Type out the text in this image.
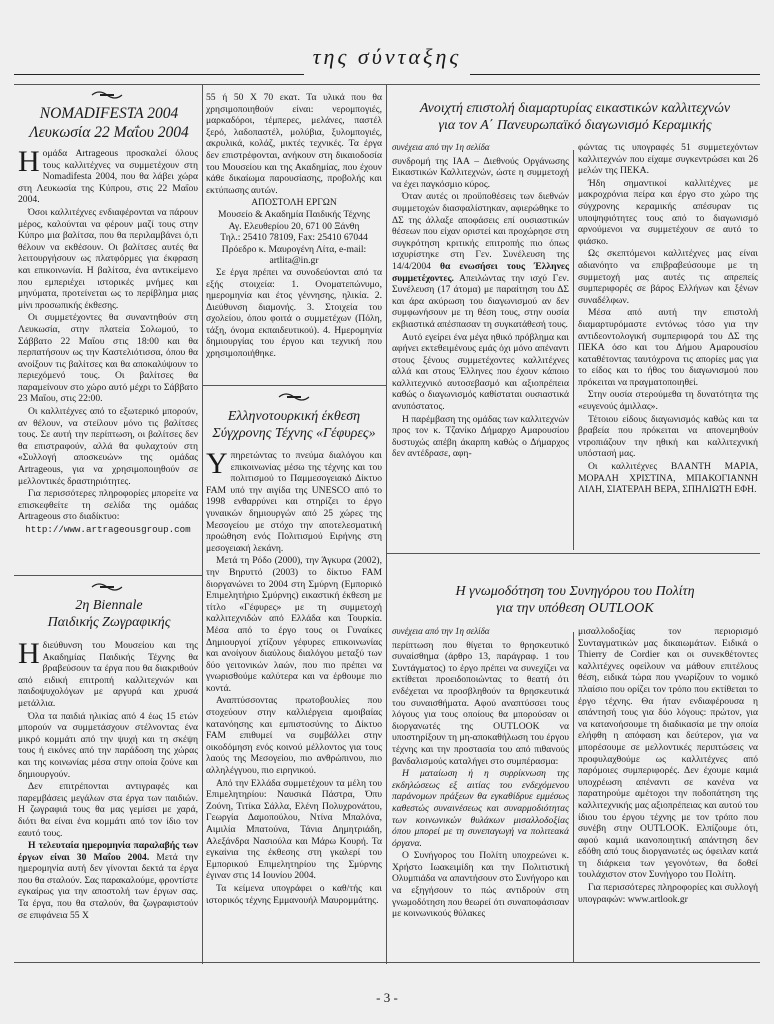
της σύνταξης
NOMADIFESTA 2004
Λευκωσία 22 Μαΐου 2004

Ηομάδα Artrageous προσκαλεί όλους τους καλλιτέχνες να συμμετέχουν στη Nomadifesta 2004, που θα λάβει χώρα στη Λευκωσία της Κύπρου, στις 22 Μαΐου 2004.

Όσοι καλλιτέχνες ενδιαφέρονται να πάρουν μέρος, καλούνται να φέρουν μαζί τους στην Κύπρο μια βαλίτσα, που θα περιλαμβάνει ό,τι θέλουν να εκθέσουν. Οι βαλίτσες αυτές θα λειτουργήσουν ως πλατφόρμες για έκφραση και επικοινωνία. Η βαλίτσα, ένα αντικείμενο που εμπεριέχει ιστορικές μνήμες και μηνύματα, προτείνεται ως το περίβλημα μιας μίνι προσωπικής έκθεσης.

Οι συμμετέχοντες θα συναντηθούν στη Λευκωσία, στην πλατεία Σολωμού, το Σάββατο 22 Μαΐου στις 18:00 και θα περπατήσουν ως την Καστελιότισσα, όπου θα ανοίξουν τις βαλίτσες και θα αποκαλύψουν το περιεχόμενό τους. Οι βαλίτσες θα παραμείνουν στο χώρο αυτό μέχρι το Σάββατο 23 Μαΐου, στις 22:00.

Οι καλλιτέχνες από το εξωτερικό μπορούν, αν θέλουν, να στείλουν μόνο τις βαλίτσες τους. Σε αυτή την περίπτωση, οι βαλίτσες δεν θα επιστραφούν, αλλά θα φυλαχτούν στη «Συλλογή αποσκευών» της ομάδας Artrageous, για να χρησιμοποιηθούν σε μελλοντικές δραστηριότητες.

Για περισσότερες πληροφορίες μπορείτε να επισκεφθείτε τη σελίδα της ομάδας Artrageous στο διαδίκτυο:

http://www.artrageousgroup.com

2η Biennale
Παιδικής Ζωγραφικής

Ηδιεύθυνση του Μουσείου και της Ακαδημίας Παιδικής Τέχνης θα βραβεύσουν τα έργα που θα διακριθούν από ειδική επιτροπή καλλιτεχνών και παιδοψυχολόγων με αργυρά και χρυσά μετάλλια.

Όλα τα παιδιά ηλικίας από 4 έως 15 ετών μπορούν να συμμετάσχουν στέλνοντας ένα μικρό κομμάτι από την ψυχή και τη σκέψη τους ή εικόνες από την παράδοση της χώρας και της κοινωνίας μέσα στην οποία ζούνε και δημιουργούν.

Δεν επιτρέπονται αντιγραφές και παρεμβάσεις μεγάλων στα έργα των παιδιών. Η ζωγραφιά τους θα μας γεμίσει με χαρά, διότι θα είναι ένα κομμάτι από τον ίδιο τον εαυτό τους.

Η τελευταία ημερομηνία παραλαβής των έργων είναι 30 Μαΐου 2004. Μετά την ημερομηνία αυτή δεν γίνονται δεκτά τα έργα που θα σταλούν. Σας παρακαλούμε, φροντίστε εγκαίρως για την αποστολή των έργων σας. Τα έργα, που θα σταλούν, θα ζωγραφιστούν σε επιφάνεια 55 Χ

55 ή 50 Χ 70 εκατ. Τα υλικά που θα χρησιμοποιηθούν είναι: νερομπογιές, μαρκαδόροι, τέμπερες, μελάνες, παστέλ ξερό, λαδοπαστέλ, μολύβια, ξυλομπογιές, ακρυλικά, κολάζ, μικτές τεχνικές. Τα έργα δεν επιστρέφονται, ανήκουν στη δικαιοδοσία του Μουσείου και της Ακαδημίας, που έχουν κάθε δικαίωμα παρουσίασης, προβολής και εκτύπωσης αυτών.

ΑΠΟΣΤΟΛΗ ΕΡΓΩΝ
Μουσείο & Ακαδημία Παιδικής Τέχνης
Αγ. Ελευθερίου 20, 671 00 Ξάνθη
Τηλ.: 25410 78109, Fax: 25410 67044
Πρόεδρο κ. Μαυρογένη Λίτα, e-mail: artlita@in.gr

Σε έργα πρέπει να συνοδεύονται από τα εξής στοιχεία: 1. Ονοματεπώνυμο, ημερομηνία και έτος γέννησης, ηλικία. 2. Διεύθυνση διαμονής. 3. Στοιχεία του σχολείου, όπου φοιτά ο συμμετέχων (Πόλη, τάξη, όνομα εκπαιδευτικού). 4. Ημερομηνία δημιουργίας του έργου και τεχνική που χρησιμοποιήθηκε.

Ελληνοτουρκική έκθεση
Σύγχρονης Τέχνης «Γέφυρες»

Υπηρετώντας το πνεύμα διαλόγου και επικοινωνίας μέσω της τέχνης και του πολιτισμού το Παμμεσογειακό Δίκτυο FAM υπό την αιγίδα της UNESCO από το 1998 ενθαρρύνει και στηρίζει το έργο γυναικών δημιουργών από 25 χώρες της Μεσογείου με στόχο την αποτελεσματική προώθηση ενός Πολιτισμού Ειρήνης στη μεσογειακή λεκάνη.

Μετά τη Ρόδο (2000), την Άγκυρα (2002), την Βηρυττό (2003) το δίκτυο FAM διοργανώνει το 2004 στη Σμύρνη (Εμπορικό Επιμελητήριο Σμύρνης) εικαστική έκθεση με τίτλο «Γέφυρες» με τη συμμετοχή καλλιτεχνιδών από Ελλάδα και Τουρκία. Μέσα από το έργο τους οι Γυναίκες Δημιουργοί χτίζουν γέφυρες επικοινωνίας και ανοίγουν διαύλους διαλόγου μεταξύ των δύο γειτονικών λαών, που πιο πρέπει να γνωρισθούμε καλύτερα και να έρθουμε πιο κοντά.

Αναπτύσσοντας πρωτοβουλίες που στοχεύουν στην καλλιέργεια αμοιβαίας κατανόησης και εμπιστοσύνης το Δίκτυο FAM επιθυμεί να συμβάλλει στην οικοδόμηση ενός κοινού μέλλοντος για τους λαούς της Μεσογείου, πιο ανθρώπινου, πιο αλληλέγγυου, πιο ειρηνικού.

Από την Ελλάδα συμμετέχουν τα μέλη του Επιμελητηρίου: Ναυσικά Πάστρα, Όπυ Ζούνη, Τιτίκα Σάλλα, Ελένη Πολυχρονάτου, Γεωργία Δαμοπούλου, Ντίνα Μπαλόνα, Αιμιλία Μπατούνα, Τάνια Δημητριάδη, Αλεξάνδρα Νασιούλα και Μάρω Κουρή. Τα εγκαίνια της έκθεσης στη γκαλερί του Εμπορικού Επιμελητηρίου της Σμύρνης έγιναν στις 14 Ιουνίου 2004.

Τα κείμενα υπογράφει ο καθ/τής και ιστορικός τέχνης Εμμανουήλ Μαυρομμάτης.

Ανοιχτή επιστολή διαμαρτυρίας εικαστικών καλλιτεχνών
για τον Α΄ Πανευρωπαϊκό διαγωνισμό Κεραμικής

συνέχεια από την 1η σελίδα

συνδρομή της ΙΑΑ – Διεθνούς Οργάνωσης Εικαστικών Καλλιτεχνών, ώστε η συμμετοχή να έχει παγκόσμιο κύρος.

Όταν αυτές οι προϋποθέσεις των διεθνών συμμετοχών διασφαλίστηκαν, αφιερώθηκε το ΔΣ της άλλαξε αποφάσεις επί ουσιαστικών θέσεων που είχαν οριστεί και προχώρησε στη συγκρότηση κριτικής επιτροπής πιο όπως ισχυρίστηκε στη Γεν. Συνέλευση της 14/4/2004 θα ενωσήσει τους Έλληνες συμμετέχοντες. Απειλώντας την ισχύ Γεν. Συνέλευση (17 άτομα) με παραίτηση του ΔΣ και άρα ακύρωση του διαγωνισμού αν δεν συμφωνήσουν με τη θέση τους, στην ουσία εκβιαστικά απέσπασαν τη συγκατάθεσή τους.

Αυτό εγείρει ένα μέγα ηθικό πρόβλημα και αφήνει εκτεθειμένους εμάς όχι μόνο απέναντι στους ξένους συμμετέχοντες καλλιτέχνες αλλά και στους Έλληνες που έχουν κάποιο καλλιτεχνικό αυτοσεβασμό και αξιοπρέπεια καθώς ο διαγωνισμός καθίσταται ουσιαστικά ανυπόστατος.

Η παρέμβαση της ομάδας των καλλιτεχνών προς τον κ. Τζανίκο Δήμαρχο Αμαρουσίου δυστυχώς απέβη άκαρπη καθώς ο Δήμαρχος δεν αντέδρασε, αφη-

φώντας τις υπογραφές 51 συμμετεχόντων καλλιτεχνών που είχαμε συγκεντρώσει και 26 μελών της ΠΕΚΑ.

Ήδη σημαντικοί καλλιτέχνες με μακροχρόνια πείρα και έργο στο χώρο της σύγχρονης κεραμικής απέσυραν τις υποψηφιότητες τους από το διαγωνισμό αρνούμενοι να συμμετέχουν σε αυτό το φιάσκο.

Ως σκεπτόμενοι καλλιτέχνες μας είναι αδιανόητο να επιβραβεύσουμε με τη συμμετοχή μας αυτές τις απρεπείς συμπεριφορές σε βάρος Ελλήνων και ξένων συναδέλφων.

Μέσα από αυτή την επιστολή διαμαρτυρόμαστε εντόνως τόσο για την αντιδεοντολογική συμπεριφορά του ΔΣ της ΠΕΚΑ όσο και του Δήμου Αμαρουσίου καταθέτοντας ταυτόχρονα τις απορίες μας για το είδος και το ήθος του διαγωνισμού που πρόκειται να πραγματοποιηθεί.

Στην ουσία στερούμεθα τη δυνατότητα της «ευγενούς άμιλλας».

Τέτοιου είδους διαγωνισμός καθώς και τα βραβεία που πρόκειται να απονεμηθούν ντροπιάζουν την ηθική και καλλιτεχνική υπόστασή μας.

Οι καλλιτέχνες ΒΛΑΝΤΗ ΜΑΡΙΑ, ΜΟΡΑΛΗ ΧΡΙΣΤΙΝΑ, ΜΠΑΚΟΓΙΑΝΝΗ ΛΙΛΗ, ΣΙΑΤΕΡΛΗ ΒΕΡΑ, ΣΠΗΛΙΩΤΗ ΕΦΗ.

Η γνωμοδότηση του Συνηγόρου του Πολίτη
για την υπόθεση OUTLOOK

συνέχεια από την 1η σελίδα

περίπτωση που θίγεται το θρησκευτικό συναίσθημα (άρθρο 13, παράγραφ. 1 του Συντάγματος) το έργο πρέπει να συνεχίζει να εκτίθεται προειδοποιώντας το θεατή ότι ενδέχεται να προσβληθούν τα θρησκευτικά του συναισθήματα. Αφού αναπτύσσει τους λόγους για τους οποίους θα μπορούσαν οι διοργανωτές της OUTLOOK να υποστηρίξουν τη μη-αποκαθήλωση του έργου τέχνης και την προστασία του από πιθανούς βανδαλισμούς καταλήγει στο συμπέρασμα:

Η ματαίωση ή η συρρίκνωση της εκδηλώσεως εξ αιτίας του ενδεχόμενου παράνομων πράξεων θα εγκαθίδρυε εμμέσως καθεστώς συναινέσεως και συναρμοδιότητας των κοινωνικών θυλάκων μισαλλοδοξίας όπου μπορεί με τη συνεπαγωγή να πολιτεακά όργανα.

Ο Συνήγορος του Πολίτη υποχρεώνει κ. Χρήστο Ιωακειμίδη και την Πολιτιστική Ολυμπιάδα να απαντήσουν στο Συνήγορο και να εξηγήσουν το πώς αντιδρούν στη γνωμοδότηση που θεωρεί ότι συναποφάσισαν με κοινωνικούς θύλακες

μισαλλοδοξίας τον περιορισμό Συνταγματικών μας δικαιωμάτων. Ειδικά ο Thierry de Cordier και οι συνεκθέτοντες καλλιτέχνες οφείλουν να μάθουν επιτέλους θέση, ειδικά τώρα που γνωρίζουν το νομικό πλαίσιο που ορίζει τον τρόπο που εκτίθεται το έργο τέχνης. Θα ήταν ενδιαφέρουσα η απάντησή τους για δύο λόγους: πρώτον, για να κατανοήσουμε τη διαδικασία με την οποία ελήφθη η απόφαση και δεύτερον, για να μπορέσουμε σε μελλοντικές περιπτώσεις να προφυλαχθούμε ως καλλιτέχνες από παρόμοιες συμπεριφορές. Δεν έχουμε καμιά υποχρέωση απέναντι σε κανένα να παρατηρούμε αμέτοχοι την ποδοπάτηση της καλλιτεχνικής μας αξιοπρέπειας και αυτού του ίδιου του έργου τέχνης με τον τρόπο που συνέβη στην OUTLOOK. Ελπίζουμε ότι, αφού καμιά ικανοποιητική απάντηση δεν εδόθη από τους διοργανωτές ως όφειλαν κατά τη διάρκεια των γεγονότων, θα δοθεί τουλάχιστον στον Συνήγορο του Πολίτη.

Για περισσότερες πληροφορίες και συλλογή υπογραφών: www.artlook.gr

- 3 -
